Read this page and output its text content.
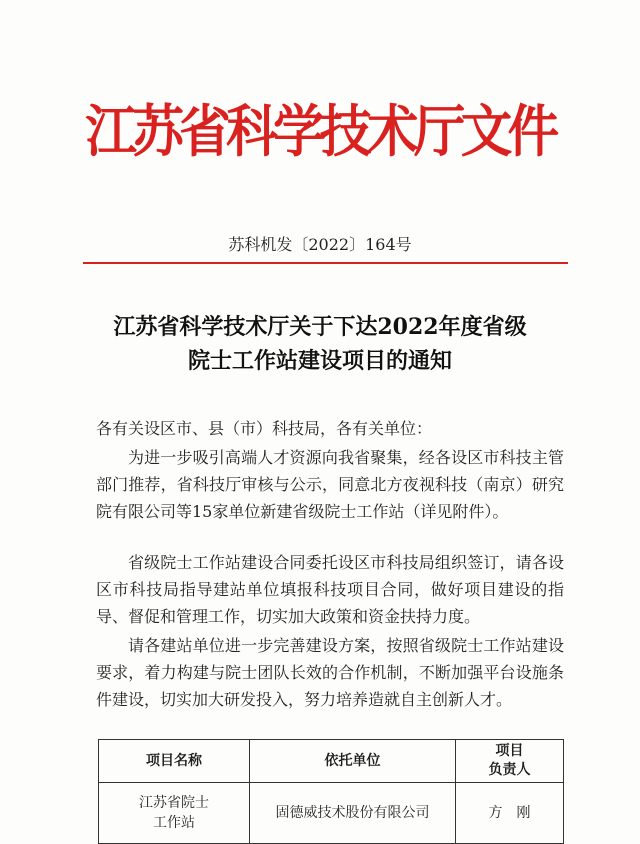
江苏省科学技术厅文件
苏科机发〔2022〕164号
江苏省科学技术厅关于下达2022年度省级
院士工作站建设项目的通知

各有关设区市、县（市）科技局，各有关单位：

为进一步吸引高端人才资源向我省聚集，经各设区市科技主管部门推荐，省科技厅审核与公示，同意北方夜视科技（南京）研究院有限公司等15家单位新建省级院士工作站（详见附件）。

省级院士工作站建设合同委托设区市科技局组织签订，请各设区市科技局指导建站单位填报科技项目合同，做好项目建设的指导、督促和管理工作，切实加大政策和资金扶持力度。

请各建站单位进一步完善建设方案，按照省级院士工作站建设要求，着力构建与院士团队长效的合作机制，不断加强平台设施条件建设，切实加大研发投入，努力培养造就自主创新人才。

项目名称	依托单位	项目
负责人

江苏省院士
工作站	固德威技术股份有限公司	方　刚
